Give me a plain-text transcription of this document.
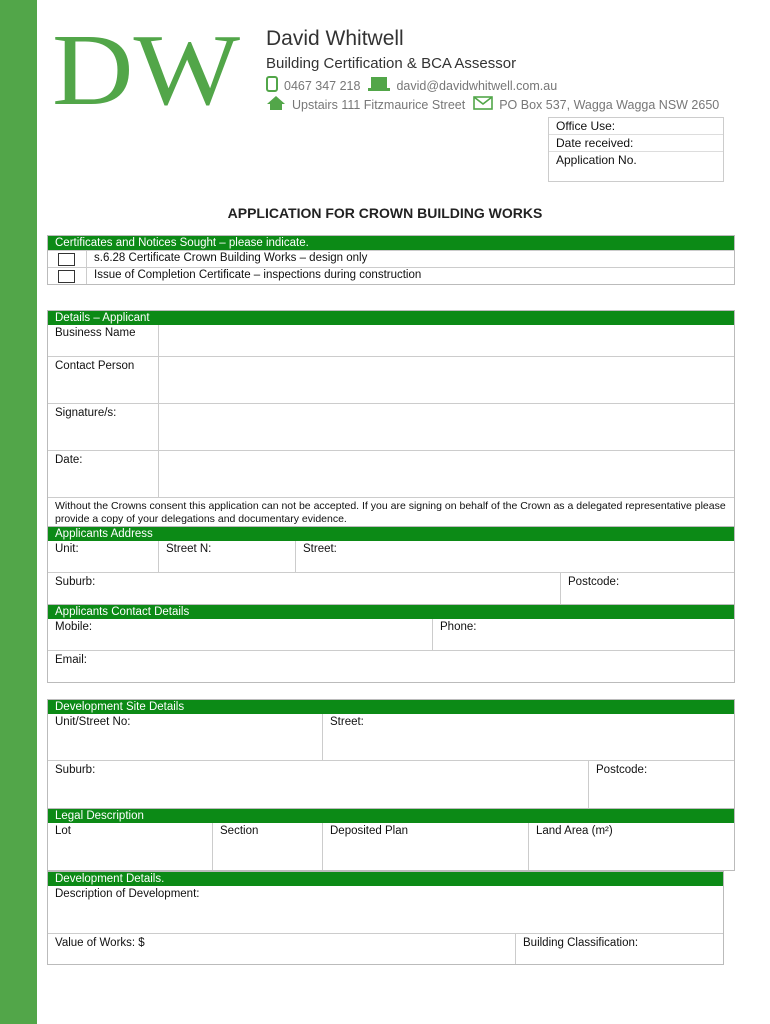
DW David Whitwell
Building Certification & BCA Assessor
0467 347 218	david@davidwhitwell.com.au
Upstairs 111 Fitzmaurice Street	PO Box 537, Wagga Wagga NSW 2650
Office Use:
Date received:
Application No.
APPLICATION FOR CROWN BUILDING WORKS
Certificates and Notices Sought – please indicate.
s.6.28 Certificate Crown Building Works – design only
Issue of Completion Certificate – inspections during construction
Details – Applicant
Business Name
Contact Person
Signature/s:
Date:
Without the Crowns consent this application can not be accepted. If you are signing on behalf of the Crown as a delegated representative please provide a copy of your delegations and documentary evidence.
Applicants Address
Unit:	Street N:	Street:
Suburb:	Postcode:
Applicants Contact Details
Mobile:	Phone:
Email:
Development Site Details
Unit/Street No:	Street:
Suburb:	Postcode:
Legal Description
Lot	Section	Deposited Plan	Land Area (m²)
Development Details.
Description of Development:
Value of Works: $	Building Classification:
